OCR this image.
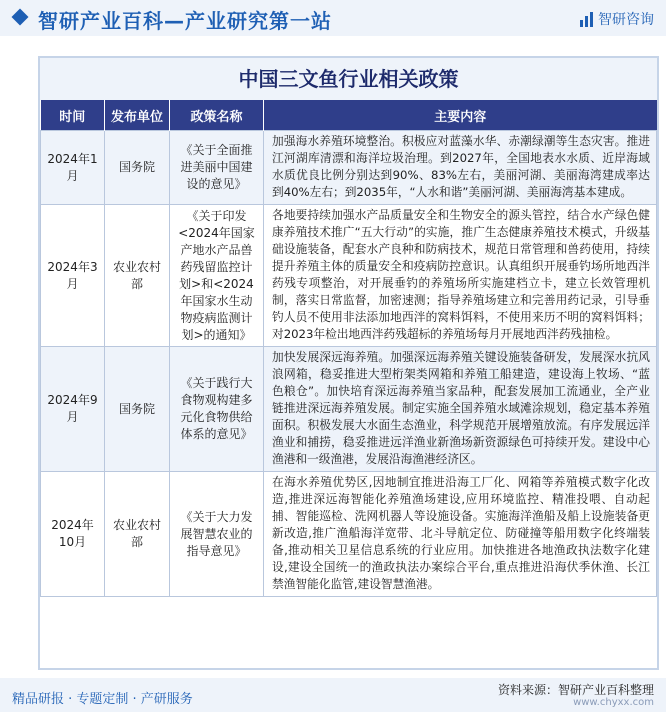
智研产业百科—产业研究第一站	智研咨询
中国三文鱼行业相关政策
时间	发布单位	政策名称	主要内容
2024年1月	国务院	《关于全面推进美丽中国建设的意见》	加强海水养殖环境整治。积极应对蓝藻水华、赤潮绿潮等生态灾害。推进江河湖库清漂和海洋垃圾治理。到2027年，全国地表水水质、近岸海域水质优良比例分别达到90%、83%左右，美丽河湖、美丽海湾建成率达到40%左右；到2035年，“人水和谐”美丽河湖、美丽海湾基本建成。
2024年3月	农业农村部	《关于印发<2024年国家产地水产品兽药残留监控计划>和<2024年国家水生动物疫病监测计划>的通知》	各地要持续加强水产品质量安全和生物安全的源头管控，结合水产绿色健康养殖技术推广“五大行动”的实施，推广生态健康养殖技术模式，升级基础设施装备，配套水产良种和防病技术，规范日常管理和兽药使用，持续提升养殖主体的质量安全和疫病防控意识。认真组织开展垂钓场所地西泮药残专项整治，对开展垂钓的养殖场所实施建档立卡，建立长效管理机制，落实日常监督，加密速测；指导养殖场建立和完善用药记录，引导垂钓人员不使用非法添加地西泮的窝料饵料，不使用来历不明的窝料饵料；对2023年检出地西泮药残超标的养殖场每月开展地西泮药残抽检。
2024年9月	国务院	《关于践行大食物观构建多元化食物供给体系的意见》	加快发展深远海养殖。加强深远海养殖关键设施装备研发，发展深水抗风浪网箱，稳妥推进大型桁架类网箱和养殖工船建造，建设海上牧场、“蓝色粮仓”。加快培育深远海养殖当家品种，配套发展加工流通业，全产业链推进深远海养殖发展。制定实施全国养殖水域滩涂规划，稳定基本养殖面积。积极发展大水面生态渔业，科学规范开展增殖放流。有序发展远洋渔业和捕捞，稳妥推进远洋渔业新渔场新资源绿色可持续开发。建设中心渔港和一级渔港，发展沿海渔港经济区。
2024年10月	农业农村部	《关于大力发展智慧农业的指导意见》	在海水养殖优势区,因地制宜推进沿海工厂化、网箱等养殖模式数字化改造,推进深远海智能化养殖渔场建设,应用环境监控、精准投喂、自动起捕、智能巡检、洗网机器人等设施设备。实施海洋渔船及船上设施装备更新改造,推广渔船海洋宽带、北斗导航定位、防碰撞等船用数字化终端装备,推动相关卫星信息系统的行业应用。加快推进各地渔政执法数字化建设,建设全国统一的渔政执法办案综合平台,重点推进沿海伏季休渔、长江禁渔智能化监管,建设智慧渔港。
精品研报 · 专题定制 · 产研服务
资料来源：智研产业百科整理
www.chyxx.com
